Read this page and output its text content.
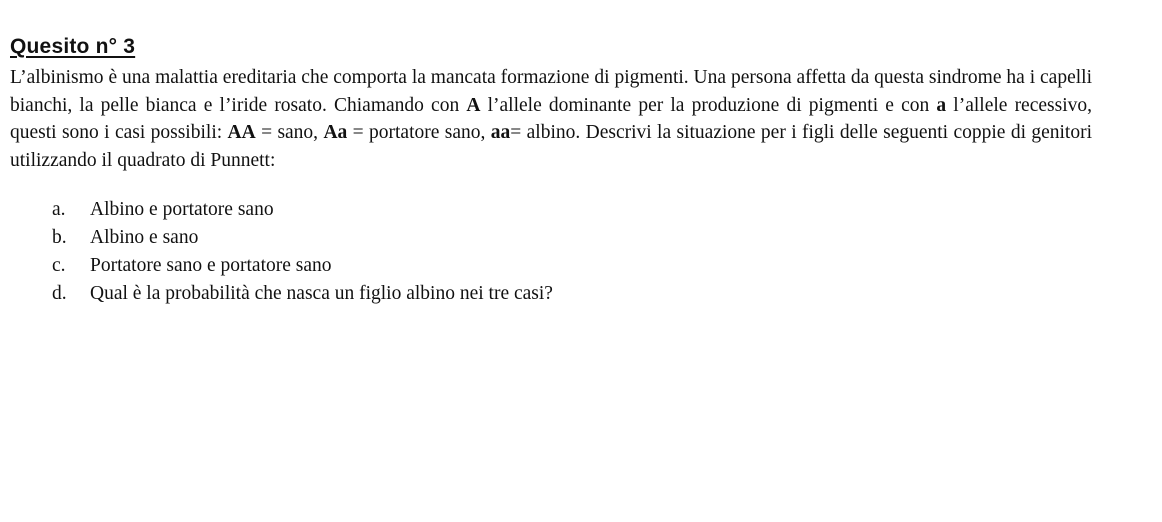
Quesito n° 3

L’albinismo è una malattia ereditaria che comporta la mancata formazione di pigmenti. Una persona affetta da questa sindrome ha i capelli bianchi, la pelle bianca e l’iride rosato. Chiamando con A l’allele dominante per la produzione di pigmenti e con a l’allele recessivo, questi sono i casi possibili: AA = sano, Aa = portatore sano, aa= albino. Descrivi la situazione per i figli delle seguenti coppie di genitori utilizzando il quadrato di Punnett:

a.	Albino e portatore sano
b.	Albino e sano
c.	Portatore sano e portatore sano
d.	Qual è la probabilità che nasca un figlio albino nei tre casi?
